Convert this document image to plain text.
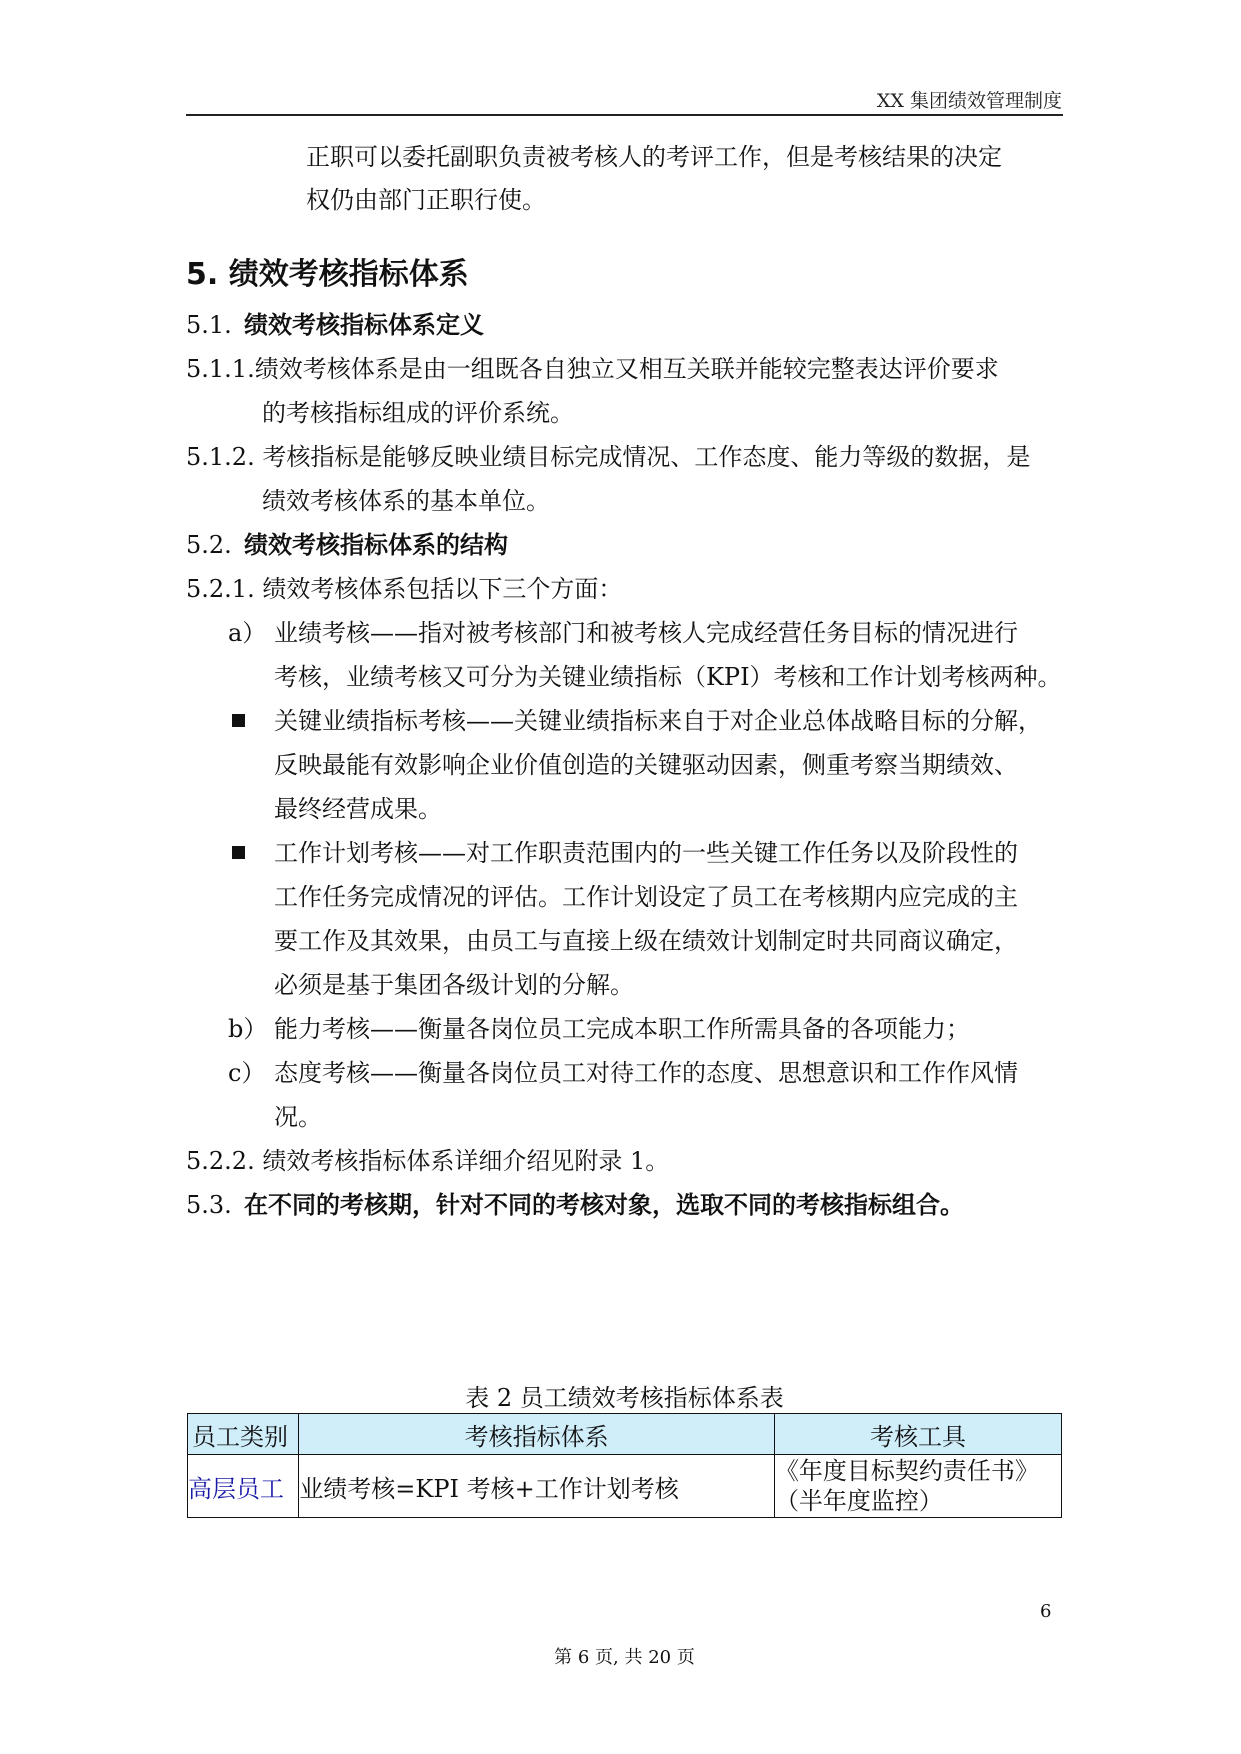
XX 集团绩效管理制度
正职可以委托副职负责被考核人的考评工作，但是考核结果的决定
权仍由部门正职行使。
5. 绩效考核指标体系
5.1. 绩效考核指标体系定义
5.1.1.绩效考核体系是由一组既各自独立又相互关联并能较完整表达评价要求
的考核指标组成的评价系统。
5.1.2. 考核指标是能够反映业绩目标完成情况、工作态度、能力等级的数据，是
绩效考核体系的基本单位。
5.2. 绩效考核指标体系的结构
5.2.1. 绩效考核体系包括以下三个方面：
a） 业绩考核——指对被考核部门和被考核人完成经营任务目标的情况进行
考核，业绩考核又可分为关键业绩指标（KPI）考核和工作计划考核两种。
关键业绩指标考核——关键业绩指标来自于对企业总体战略目标的分解，
反映最能有效影响企业价值创造的关键驱动因素，侧重考察当期绩效、
最终经营成果。
工作计划考核——对工作职责范围内的一些关键工作任务以及阶段性的
工作任务完成情况的评估。工作计划设定了员工在考核期内应完成的主
要工作及其效果，由员工与直接上级在绩效计划制定时共同商议确定，
必须是基于集团各级计划的分解。
b） 能力考核——衡量各岗位员工完成本职工作所需具备的各项能力；
c） 态度考核——衡量各岗位员工对待工作的态度、思想意识和工作作风情
况。
5.2.2. 绩效考核指标体系详细介绍见附录 1。
5.3. 在不同的考核期，针对不同的考核对象，选取不同的考核指标组合。
表 2 员工绩效考核指标体系表
员工类别	考核指标体系	考核工具
高层员工	业绩考核=KPI 考核+工作计划考核	《年度目标契约责任书》
（半年度监控）
6
第 6 页, 共 20 页
